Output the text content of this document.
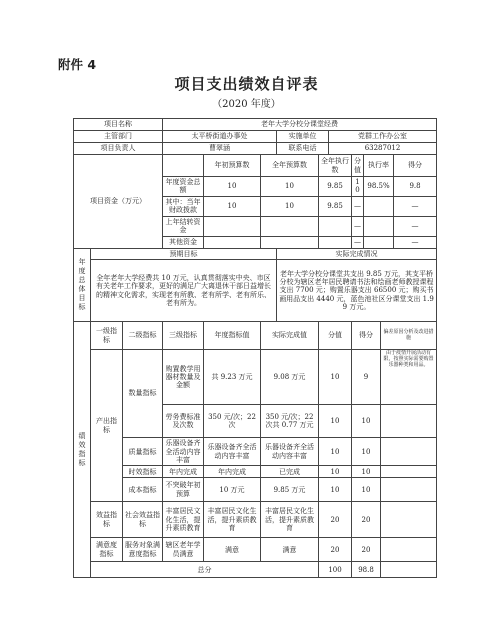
附件 4
项目支出绩效自评表
（2020 年度）
项目名称			老年大学分校分课堂经费									
主管部门			太平桥街道办事处			实施单位		党群工作办公室				
项目负责人			曹翠涵			联系电话		63287012				
项目资金（万元）				年初预算数	全年预算数		全年执行数		分值	执行率		得分
			年度资金总额	10	10		9.85		10	98.5%		9.8
			其中：当年财政拨款	10	10		9.85		—			—
			上年结转资金						—			—
			其他资金						—			—
年度总体目标	预期目标					实际完成情况						
	全年老年大学经费共 10 万元，认真贯彻落实中央、市区有关老年工作要求，更好的满足广大离退休干部日益增长的精神文化需求，实现老有所教、老有所学、老有所乐、老有所为。					老年大学分校分课堂共支出 9.85 万元，其支平桥分校为辖区老年居民聘请书法和绘画老师教授课程支出 7700 元；购置乐器支出 66500 元；购买书画用品支出 4440 元，蓝色池社区分课堂支出 1.99 万元。						
绩效指标	一级指标	二级指标	三级指标	年度指标值	实际完成值		分值		得分		偏差原因分析及改进措施	
	产出指标	数量指标	购置教学用器材数量及金额	共 9.23 万元	9.08 万元		10		9		由于疫情开展活动有限，按照实际需要购置乐器种类和用品。	
			劳务费标准及次数	350 元/次；22 次	350 元/次；22 次共 0.77 万元		10		10			
		质量指标	乐器设备齐全活动内容丰富	乐器设备齐全活动内容丰富	乐器设备齐全活动内容丰富		10		10			
		时效指标	年内完成	年内完成	已完成		10		10			
		成本指标	不突破年初预算	10 万元	9.85 万元		10		10			
	效益指标	社会效益指标	丰富居民文化生活，提升素质教育	丰富居民文化生活，提升素质教育	丰富居民文化生活，提升素质教育		20		20			
	满意度指标	服务对象满意度指标	辖区老年学员满意	满意	满意		20		20			
	总分						100		98.8			
